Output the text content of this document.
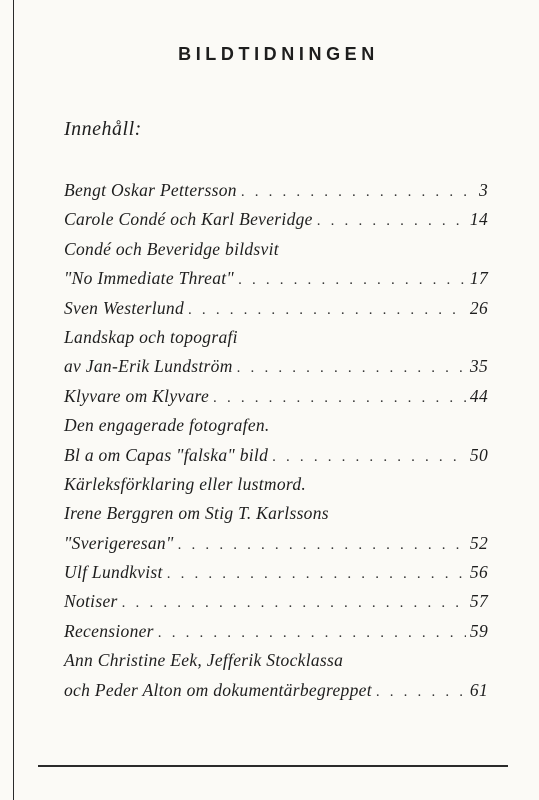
BILDTIDNINGEN
Innehåll:
Bengt Oskar Pettersson . . .	3
Carole Condé och Karl Beveridge . . .	14
Condé och Beveridge bildsvit
"No Immediate Threat" . . .	17
Sven Westerlund . . .	26
Landskap och topografi
av Jan-Erik Lundström . . .	35
Klyvare om Klyvare . . .	44
Den engagerade fotografen.
Bl a om Capas "falska" bild . . .	50
Kärleksförklaring eller lustmord.
Irene Berggren om Stig T. Karlssons
"Sverigeresan" . . .	52
Ulf Lundkvist . . .	56
Notiser . . .	57
Recensioner . . .	59
Ann Christine Eek, Jefferik Stocklassa
och Peder Alton om dokumentärbegreppet . . .	61
